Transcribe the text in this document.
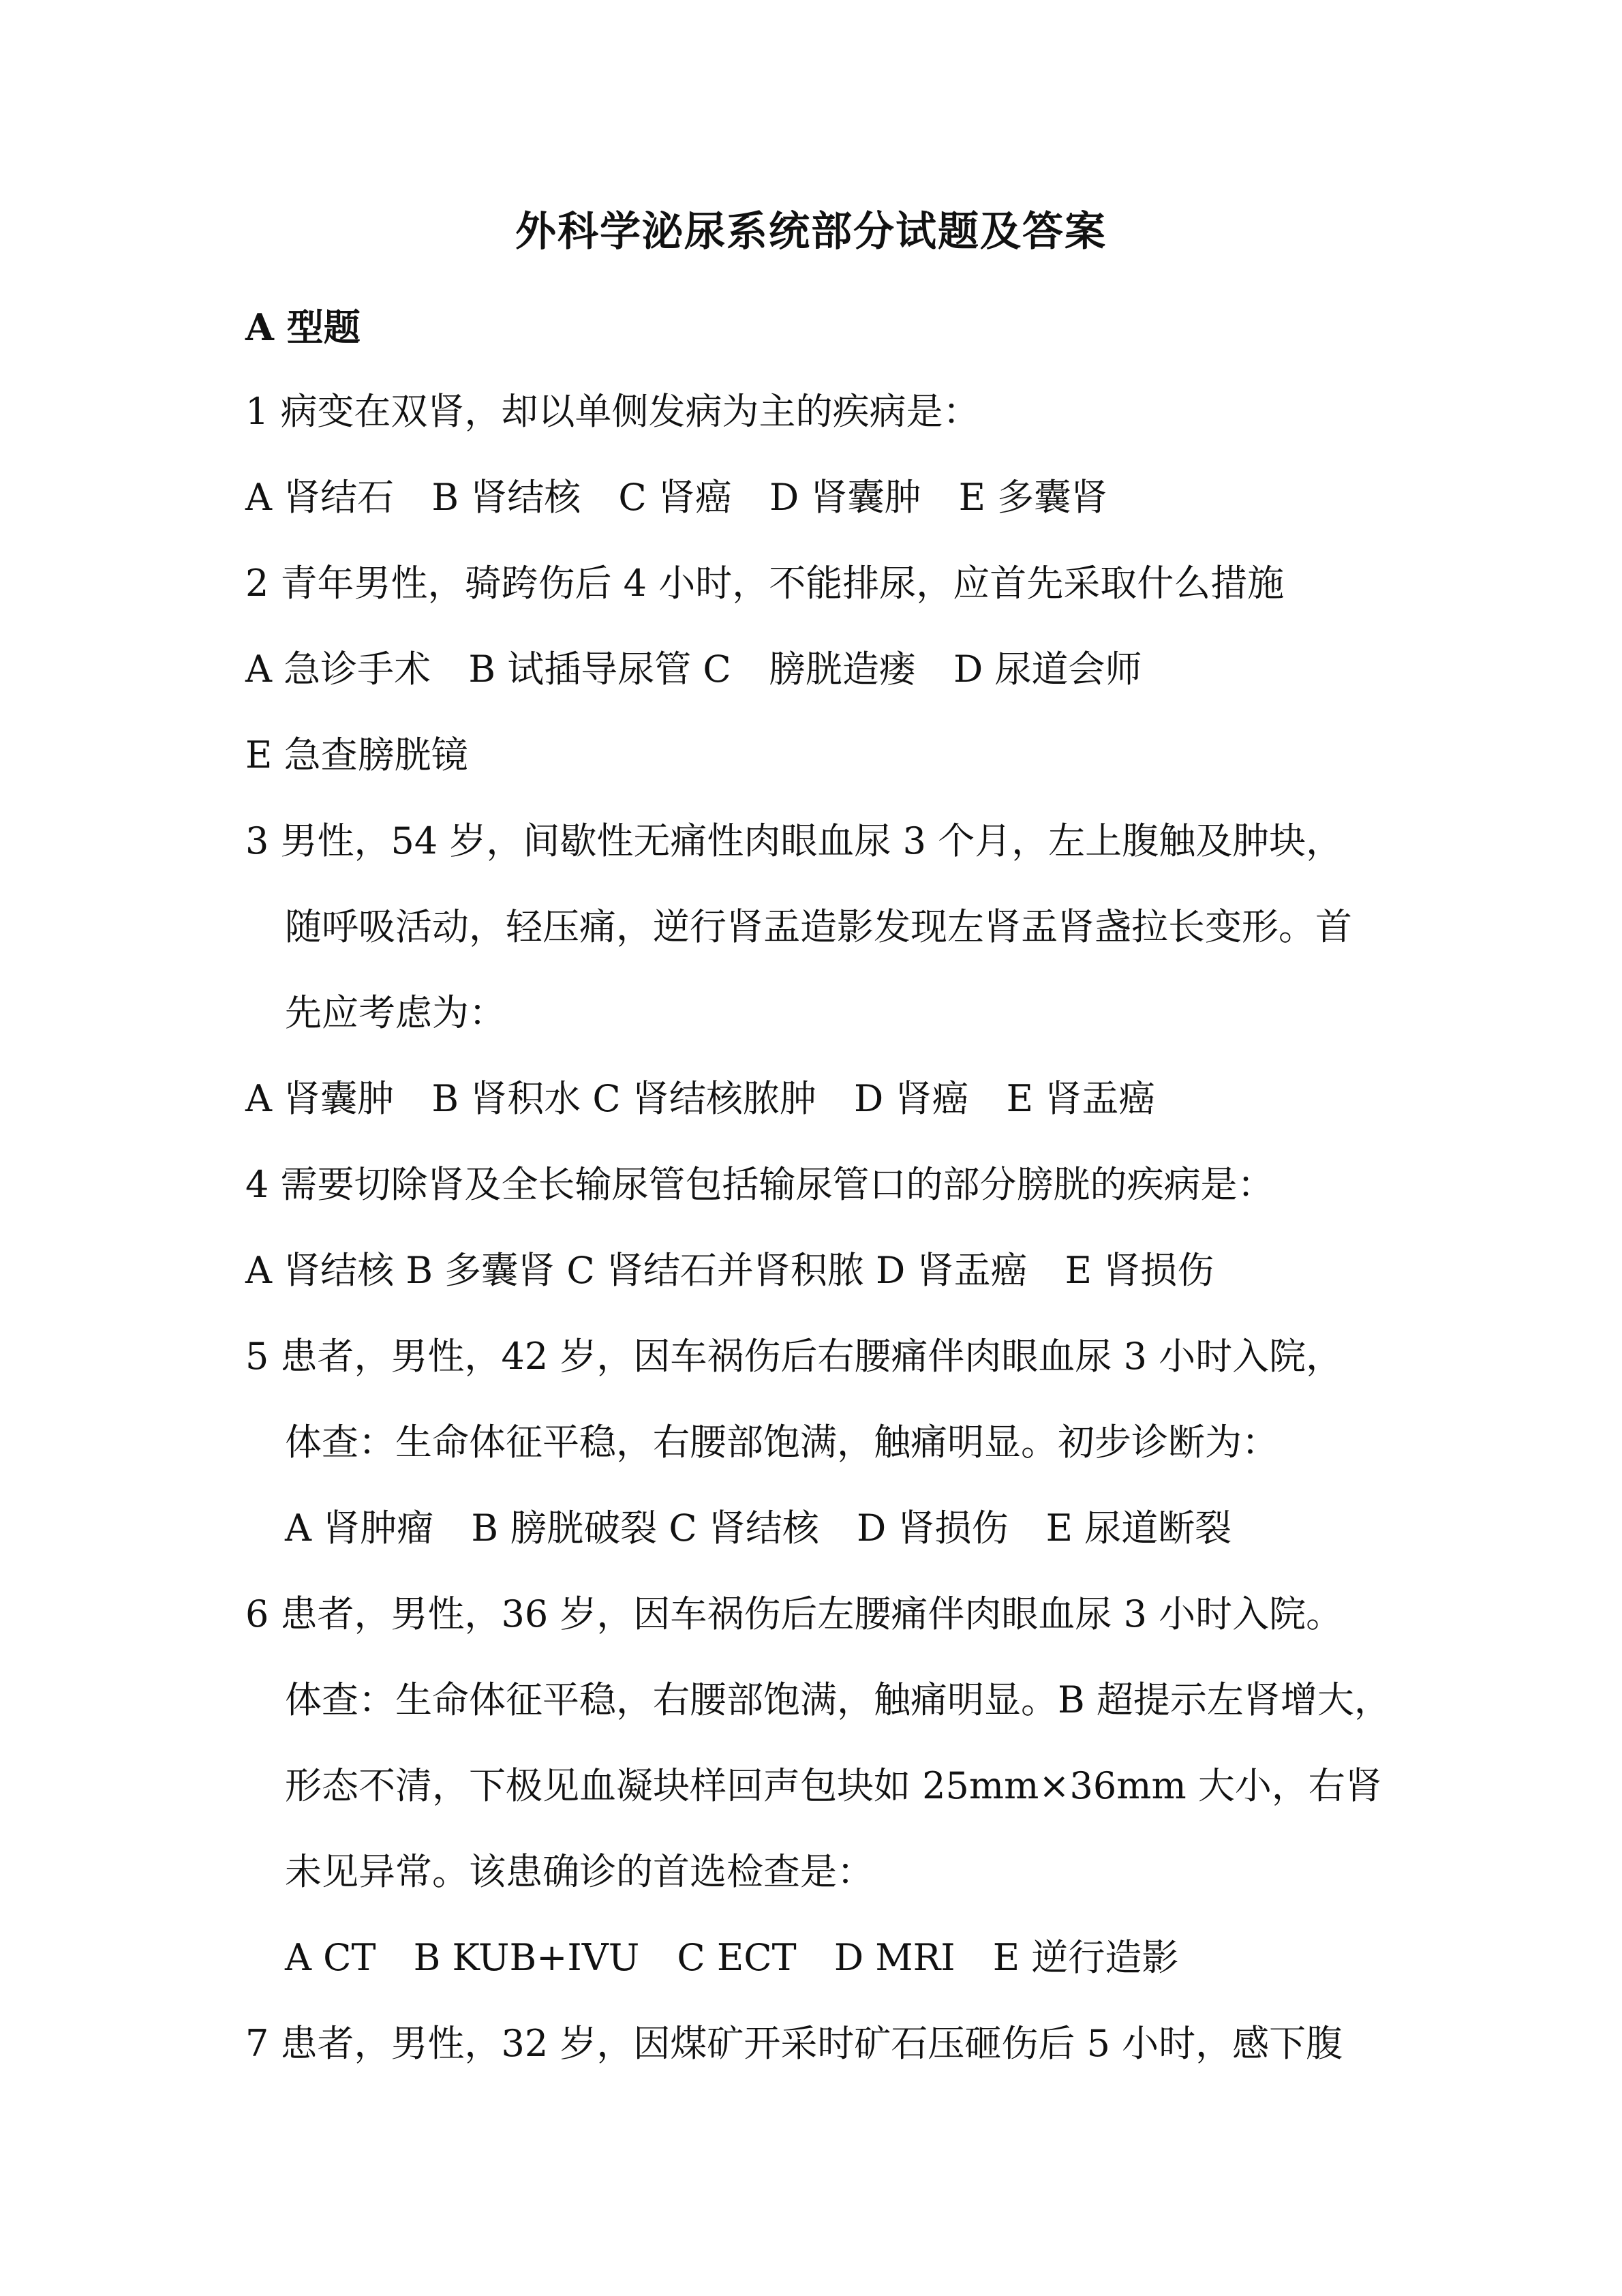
外科学泌尿系统部分试题及答案
A 型题
1 病变在双肾，却以单侧发病为主的疾病是：
A 肾结石 B 肾结核 C 肾癌 D 肾囊肿 E 多囊肾
2 青年男性，骑跨伤后 4 小时，不能排尿，应首先采取什么措施
A 急诊手术 B 试插导尿管 C 膀胱造瘘 D 尿道会师
E 急查膀胱镜
3 男性，54 岁，间歇性无痛性肉眼血尿 3 个月，左上腹触及肿块，
随呼吸活动，轻压痛，逆行肾盂造影发现左肾盂肾盏拉长变形。首
先应考虑为：
A 肾囊肿 B 肾积水 C 肾结核脓肿 D 肾癌 E 肾盂癌
4 需要切除肾及全长输尿管包括输尿管口的部分膀胱的疾病是：
A 肾结核 B 多囊肾 C 肾结石并肾积脓 D 肾盂癌 E 肾损伤
5 患者，男性，42 岁，因车祸伤后右腰痛伴肉眼血尿 3 小时入院，
体查：生命体征平稳，右腰部饱满，触痛明显。初步诊断为：
A 肾肿瘤 B 膀胱破裂 C 肾结核 D 肾损伤 E 尿道断裂
6 患者，男性，36 岁，因车祸伤后左腰痛伴肉眼血尿 3 小时入院。
体查：生命体征平稳，右腰部饱满，触痛明显。B 超提示左肾增大，
形态不清，下极见血凝块样回声包块如 25mm×36mm 大小，右肾
未见异常。该患确诊的首选检查是：
A CT B KUB+IVU C ECT D MRI E 逆行造影
7 患者，男性，32 岁，因煤矿开采时矿石压砸伤后 5 小时，感下腹
